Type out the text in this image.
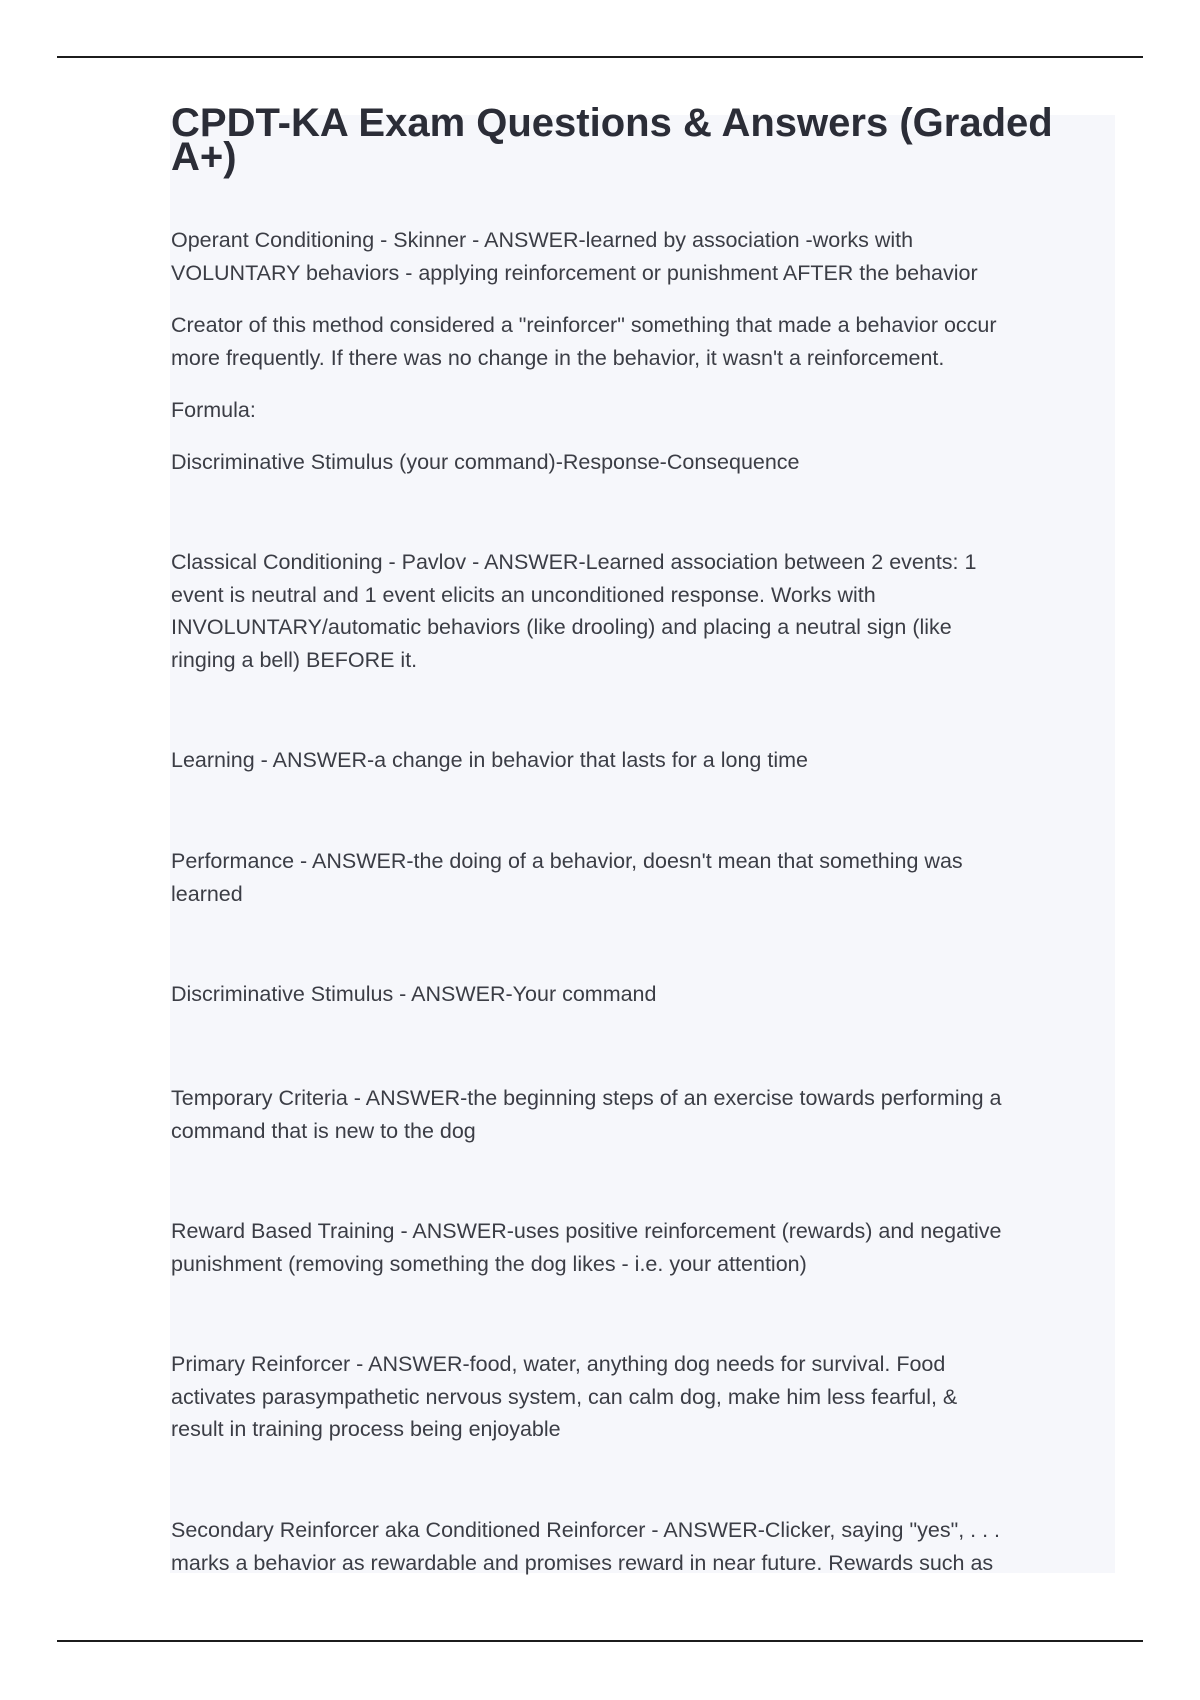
CPDT-KA Exam Questions & Answers (Graded A+)

Operant Conditioning - Skinner - ANSWER-learned by association -works with
VOLUNTARY behaviors - applying reinforcement or punishment AFTER the behavior

Creator of this method considered a "reinforcer" something that made a behavior occur
more frequently. If there was no change in the behavior, it wasn't a reinforcement.

Formula:

Discriminative Stimulus (your command)-Response-Consequence

Classical Conditioning - Pavlov - ANSWER-Learned association between 2 events: 1
event is neutral and 1 event elicits an unconditioned response. Works with
INVOLUNTARY/automatic behaviors (like drooling) and placing a neutral sign (like
ringing a bell) BEFORE it.

Learning - ANSWER-a change in behavior that lasts for a long time

Performance - ANSWER-the doing of a behavior, doesn't mean that something was
learned

Discriminative Stimulus - ANSWER-Your command

Temporary Criteria - ANSWER-the beginning steps of an exercise towards performing a
command that is new to the dog

Reward Based Training - ANSWER-uses positive reinforcement (rewards) and negative
punishment (removing something the dog likes - i.e. your attention)

Primary Reinforcer - ANSWER-food, water, anything dog needs for survival. Food
activates parasympathetic nervous system, can calm dog, make him less fearful, &
result in training process being enjoyable

Secondary Reinforcer aka Conditioned Reinforcer - ANSWER-Clicker, saying "yes", . . .
marks a behavior as rewardable and promises reward in near future. Rewards such as
